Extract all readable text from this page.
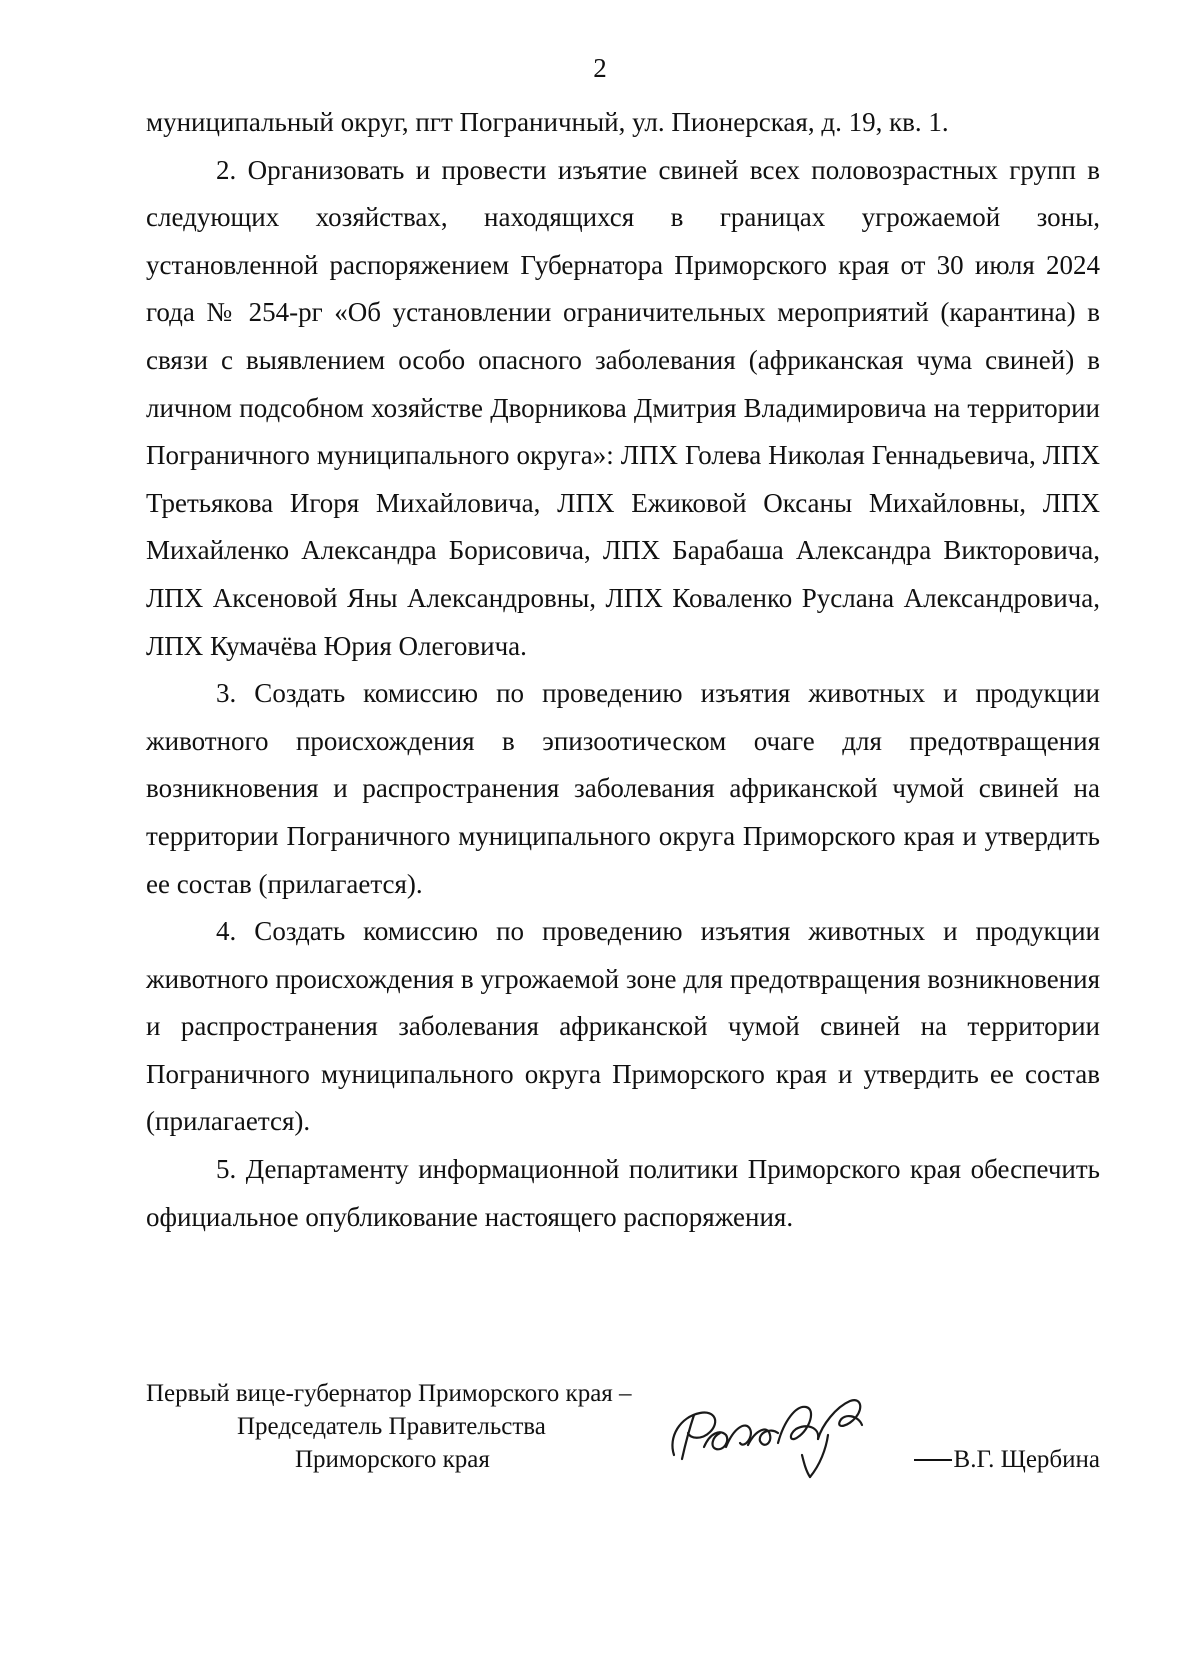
2

муниципальный округ, пгт Пограничный, ул. Пионерская, д. 19, кв. 1.

2. Организовать и провести изъятие свиней всех половозрастных групп в следующих хозяйствах, находящихся в границах угрожаемой зоны, установленной распоряжением Губернатора Приморского края от 30 июля 2024 года № 254-рг «Об установлении ограничительных мероприятий (карантина) в связи с выявлением особо опасного заболевания (африканская чума свиней) в личном подсобном хозяйстве Дворникова Дмитрия Владимировича на территории Пограничного муниципального округа»: ЛПХ Голева Николая Геннадьевича, ЛПХ Третьякова Игоря Михайловича, ЛПХ Ежиковой Оксаны Михайловны, ЛПХ Михайленко Александра Борисовича, ЛПХ Барабаша Александра Викторовича, ЛПХ Аксеновой Яны Александровны, ЛПХ Коваленко Руслана Александровича, ЛПХ Кумачёва Юрия Олеговича.

3. Создать комиссию по проведению изъятия животных и продукции животного происхождения в эпизоотическом очаге для предотвращения возникновения и распространения заболевания африканской чумой свиней на территории Пограничного муниципального округа Приморского края и утвердить ее состав (прилагается).

4. Создать комиссию по проведению изъятия животных и продукции животного происхождения в угрожаемой зоне для предотвращения возникновения и распространения заболевания африканской чумой свиней на территории Пограничного муниципального округа Приморского края и утвердить ее состав (прилагается).

5. Департаменту информационной политики Приморского края обеспечить официальное опубликование настоящего распоряжения.

Первый вице-губернатор Приморского края –
Председатель Правительства
Приморского края	В.Г. Щербина
